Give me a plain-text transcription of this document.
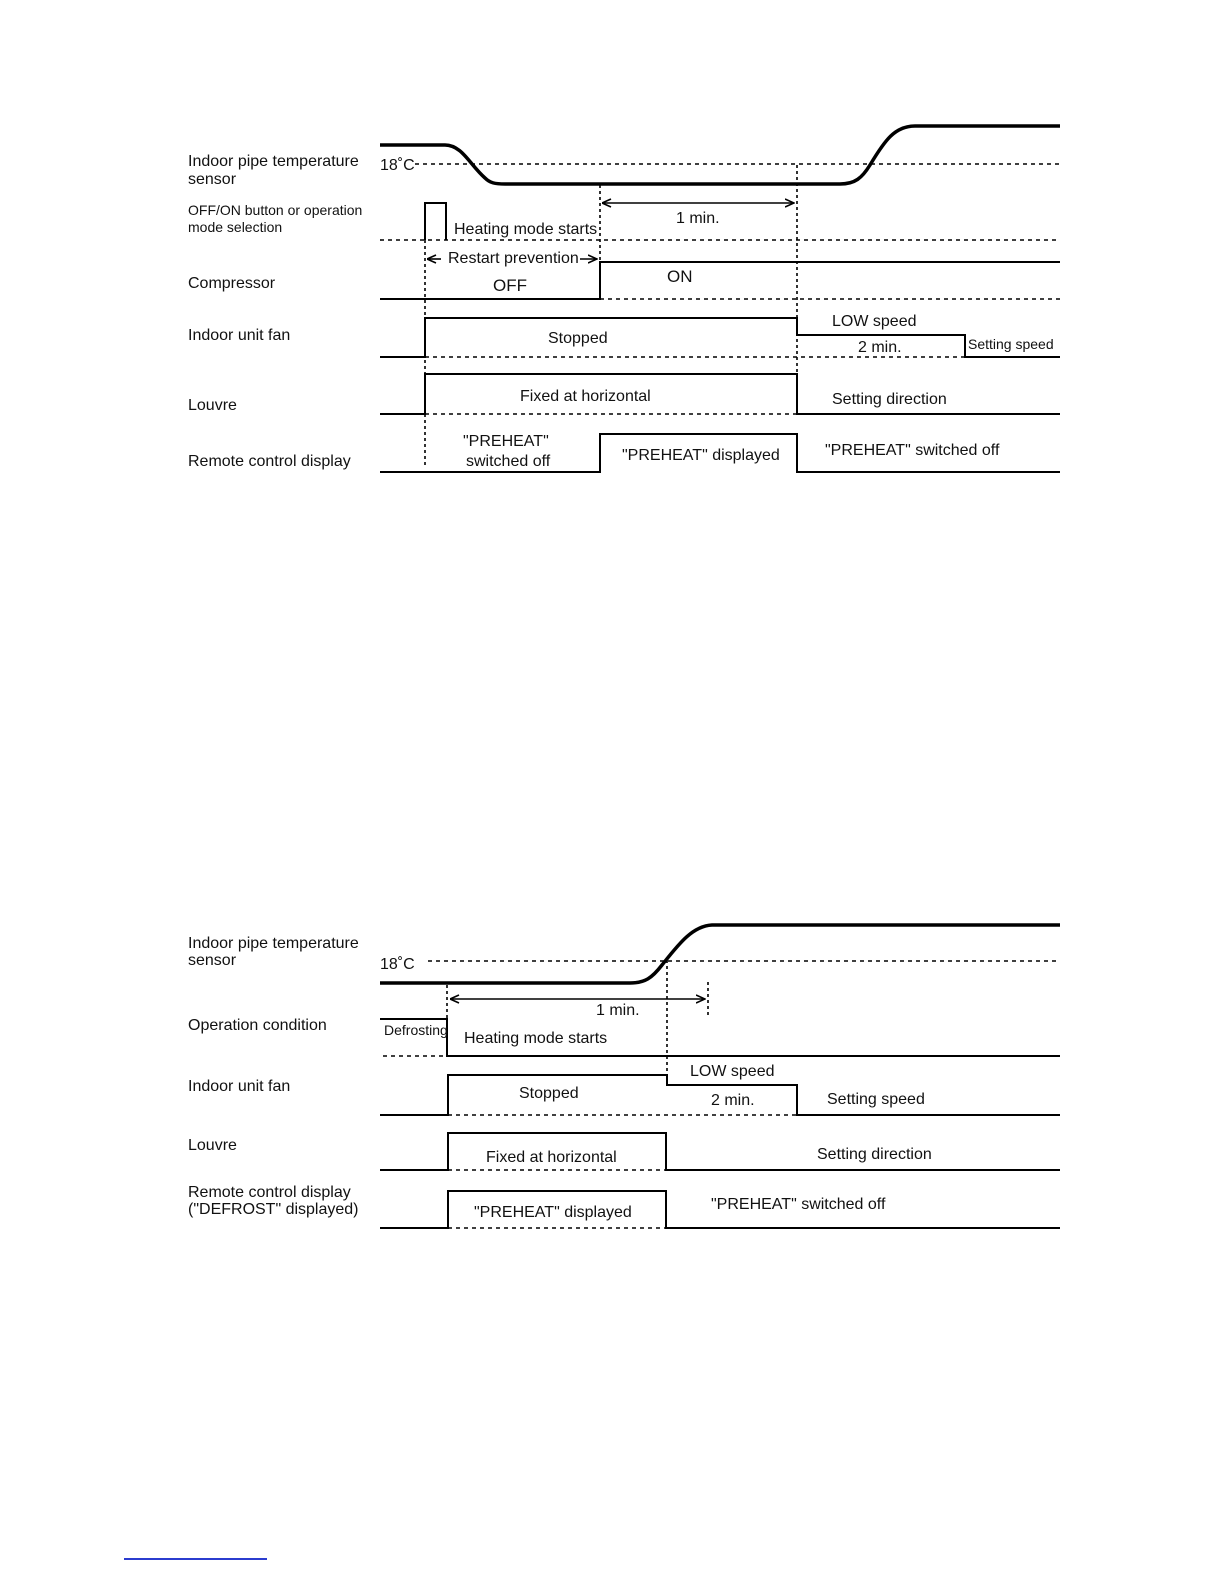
Indoor pipe temperature
sensor
OFF/ON button or operation
mode selection
Compressor
Indoor unit fan
Louvre
Remote control display
18˚C
Heating mode starts
1 min.
Restart prevention
OFF	ON
Stopped
LOW speed
2 min.	Setting speed
Fixed at horizontal	Setting direction
"PREHEAT"
switched off	"PREHEAT" displayed	"PREHEAT" switched off
Indoor pipe temperature
sensor
Operation condition
Indoor unit fan
Louvre
Remote control display
("DEFROST" displayed)
18˚C
1 min.
Defrosting Heating mode starts
LOW speed
Stopped	2 min.	Setting speed
Fixed at horizontal	Setting direction
"PREHEAT" displayed	"PREHEAT" switched off
